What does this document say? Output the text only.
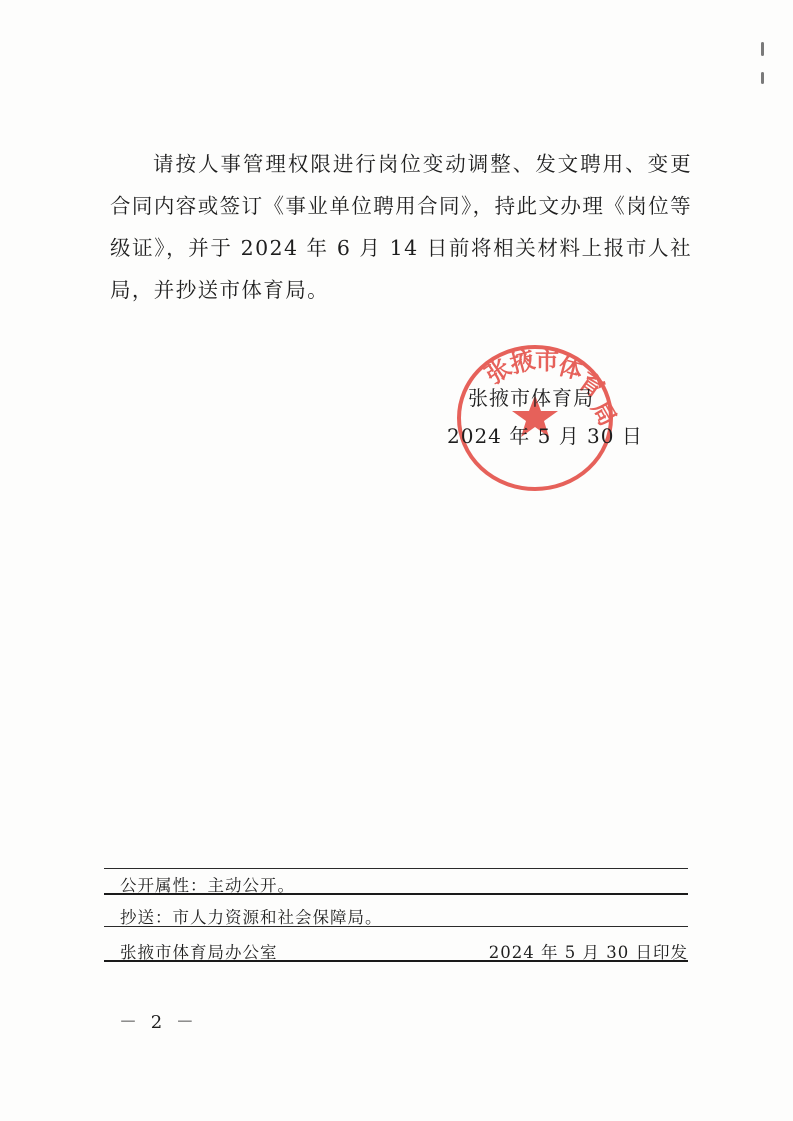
请按人事管理权限进行岗位变动调整、发文聘用、变更合同内容或签订《事业单位聘用合同》，持此文办理《岗位等级证》，并于 2024 年 6 月 14 日前将相关材料上报市人社局，并抄送市体育局。

张
掖
市
体
育
局
张掖市体育局
2024 年 5 月 30 日
公开属性：主动公开。
抄送：市人力资源和社会保障局。
张掖市体育局办公室	2024 年 5 月 30 日印发
－ 2 －
